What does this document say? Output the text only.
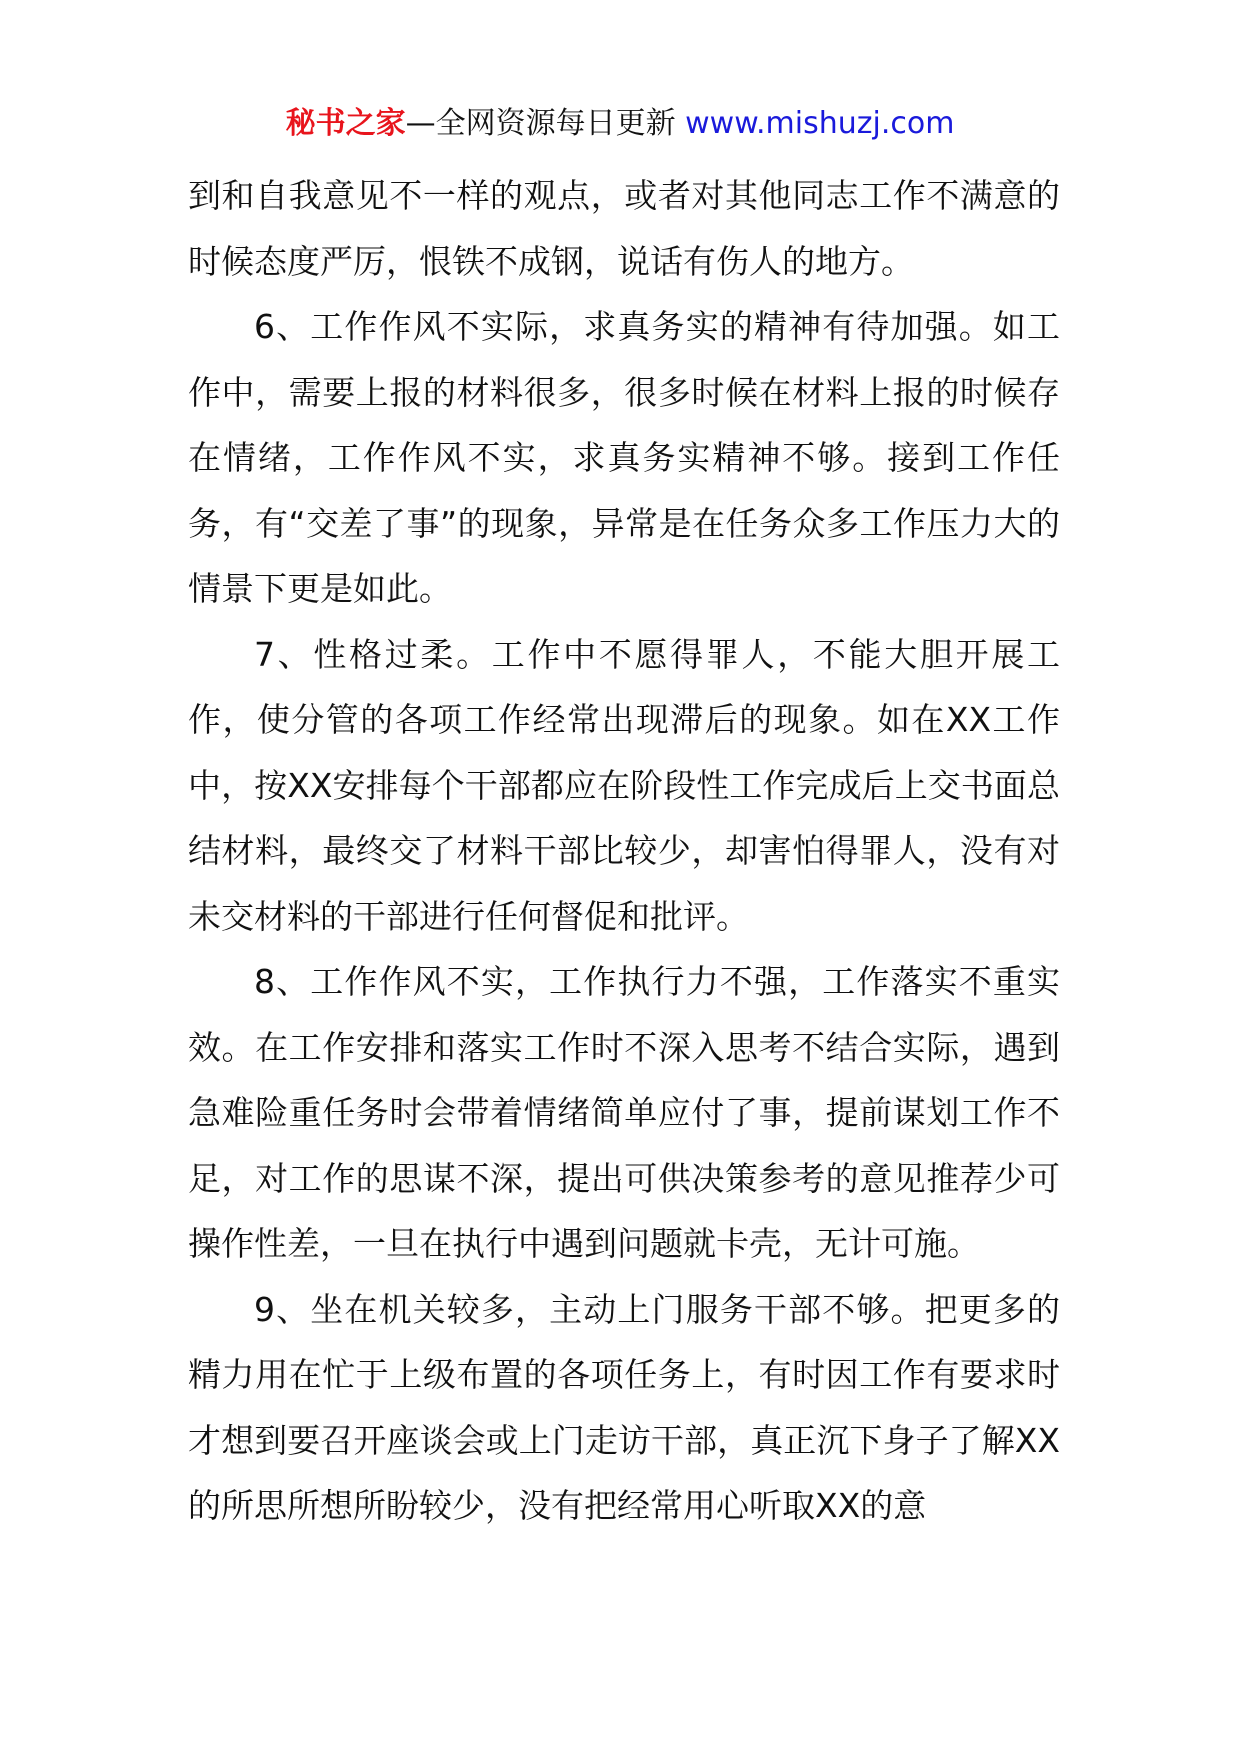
秘书之家—全网资源每日更新 www.mishuzj.com

到和自我意见不一样的观点，或者对其他同志工作不满意的时候态度严厉，恨铁不成钢，说话有伤人的地方。

6、工作作风不实际，求真务实的精神有待加强。如工作中，需要上报的材料很多，很多时候在材料上报的时候存在情绪，工作作风不实，求真务实精神不够。接到工作任务，有“交差了事”的现象，异常是在任务众多工作压力大的情景下更是如此。

7、性格过柔。工作中不愿得罪人，不能大胆开展工作，使分管的各项工作经常出现滞后的现象。如在XX工作中，按XX安排每个干部都应在阶段性工作完成后上交书面总结材料，最终交了材料干部比较少，却害怕得罪人，没有对未交材料的干部进行任何督促和批评。

8、工作作风不实，工作执行力不强，工作落实不重实效。在工作安排和落实工作时不深入思考不结合实际，遇到急难险重任务时会带着情绪简单应付了事，提前谋划工作不足，对工作的思谋不深，提出可供决策参考的意见推荐少可操作性差，一旦在执行中遇到问题就卡壳，无计可施。

9、坐在机关较多，主动上门服务干部不够。把更多的精力用在忙于上级布置的各项任务上，有时因工作有要求时才想到要召开座谈会或上门走访干部，真正沉下身子了解XX的所思所想所盼较少，没有把经常用心听取XX的意
